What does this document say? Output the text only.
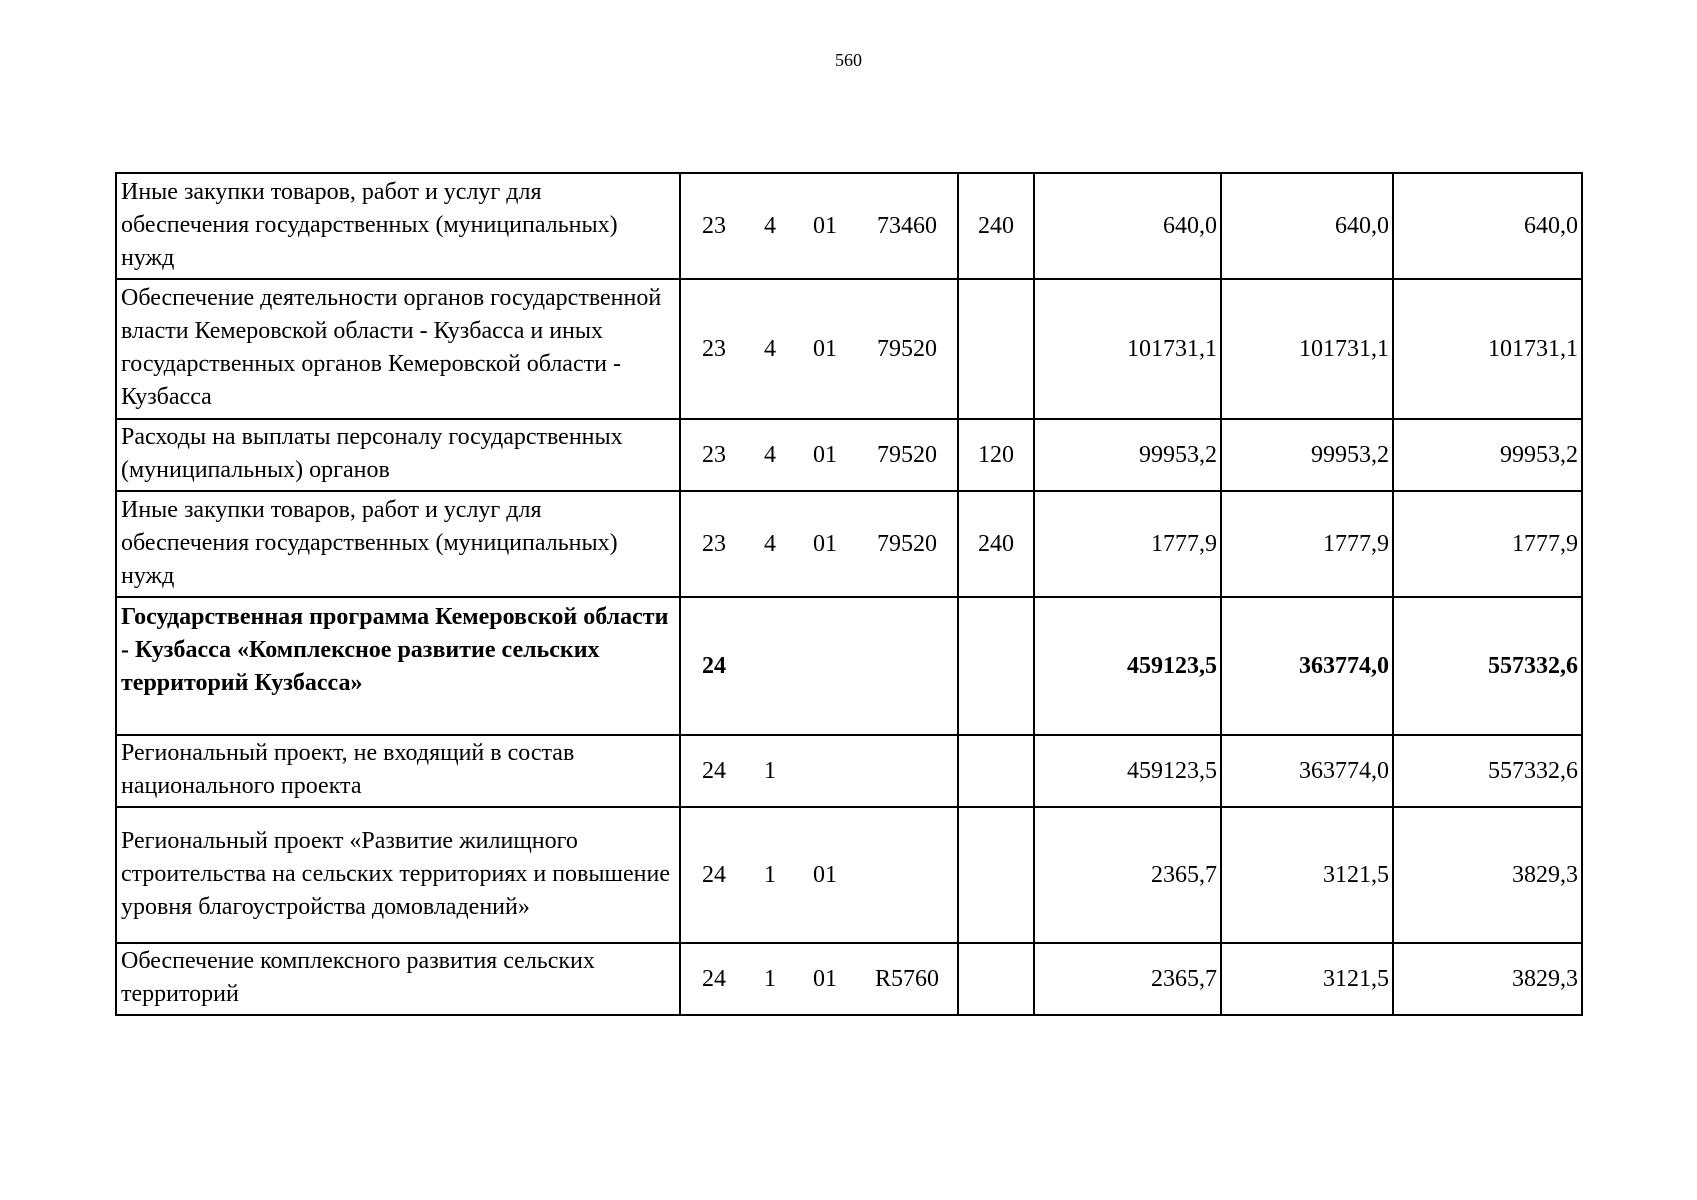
560
Иные закупки товаров, работ и услуг для обеспечения государственных (муниципальных) нужд	23 4 01 73460	240	640,0	640,0	640,0
Обеспечение деятельности органов государственной власти Кемеровской области - Кузбасса и иных государственных органов Кемеровской области - Кузбасса	23 4 01 79520		101731,1	101731,1	101731,1
Расходы на выплаты персоналу государственных (муниципальных) органов	23 4 01 79520	120	99953,2	99953,2	99953,2
Иные закупки товаров, работ и услуг для обеспечения государственных (муниципальных) нужд	23 4 01 79520	240	1777,9	1777,9	1777,9
Государственная программа Кемеровской области - Кузбасса «Комплексное развитие сельских территорий Кузбасса»	24		459123,5	363774,0	557332,6
Региональный проект, не входящий в состав национального проекта	24 1		459123,5	363774,0	557332,6
Региональный проект «Развитие жилищного строительства на сельских территориях и повышение уровня благоустройства домовладений»	24 1 01		2365,7	3121,5	3829,3
Обеспечение комплексного развития сельских территорий	24 1 01 R5760		2365,7	3121,5	3829,3
